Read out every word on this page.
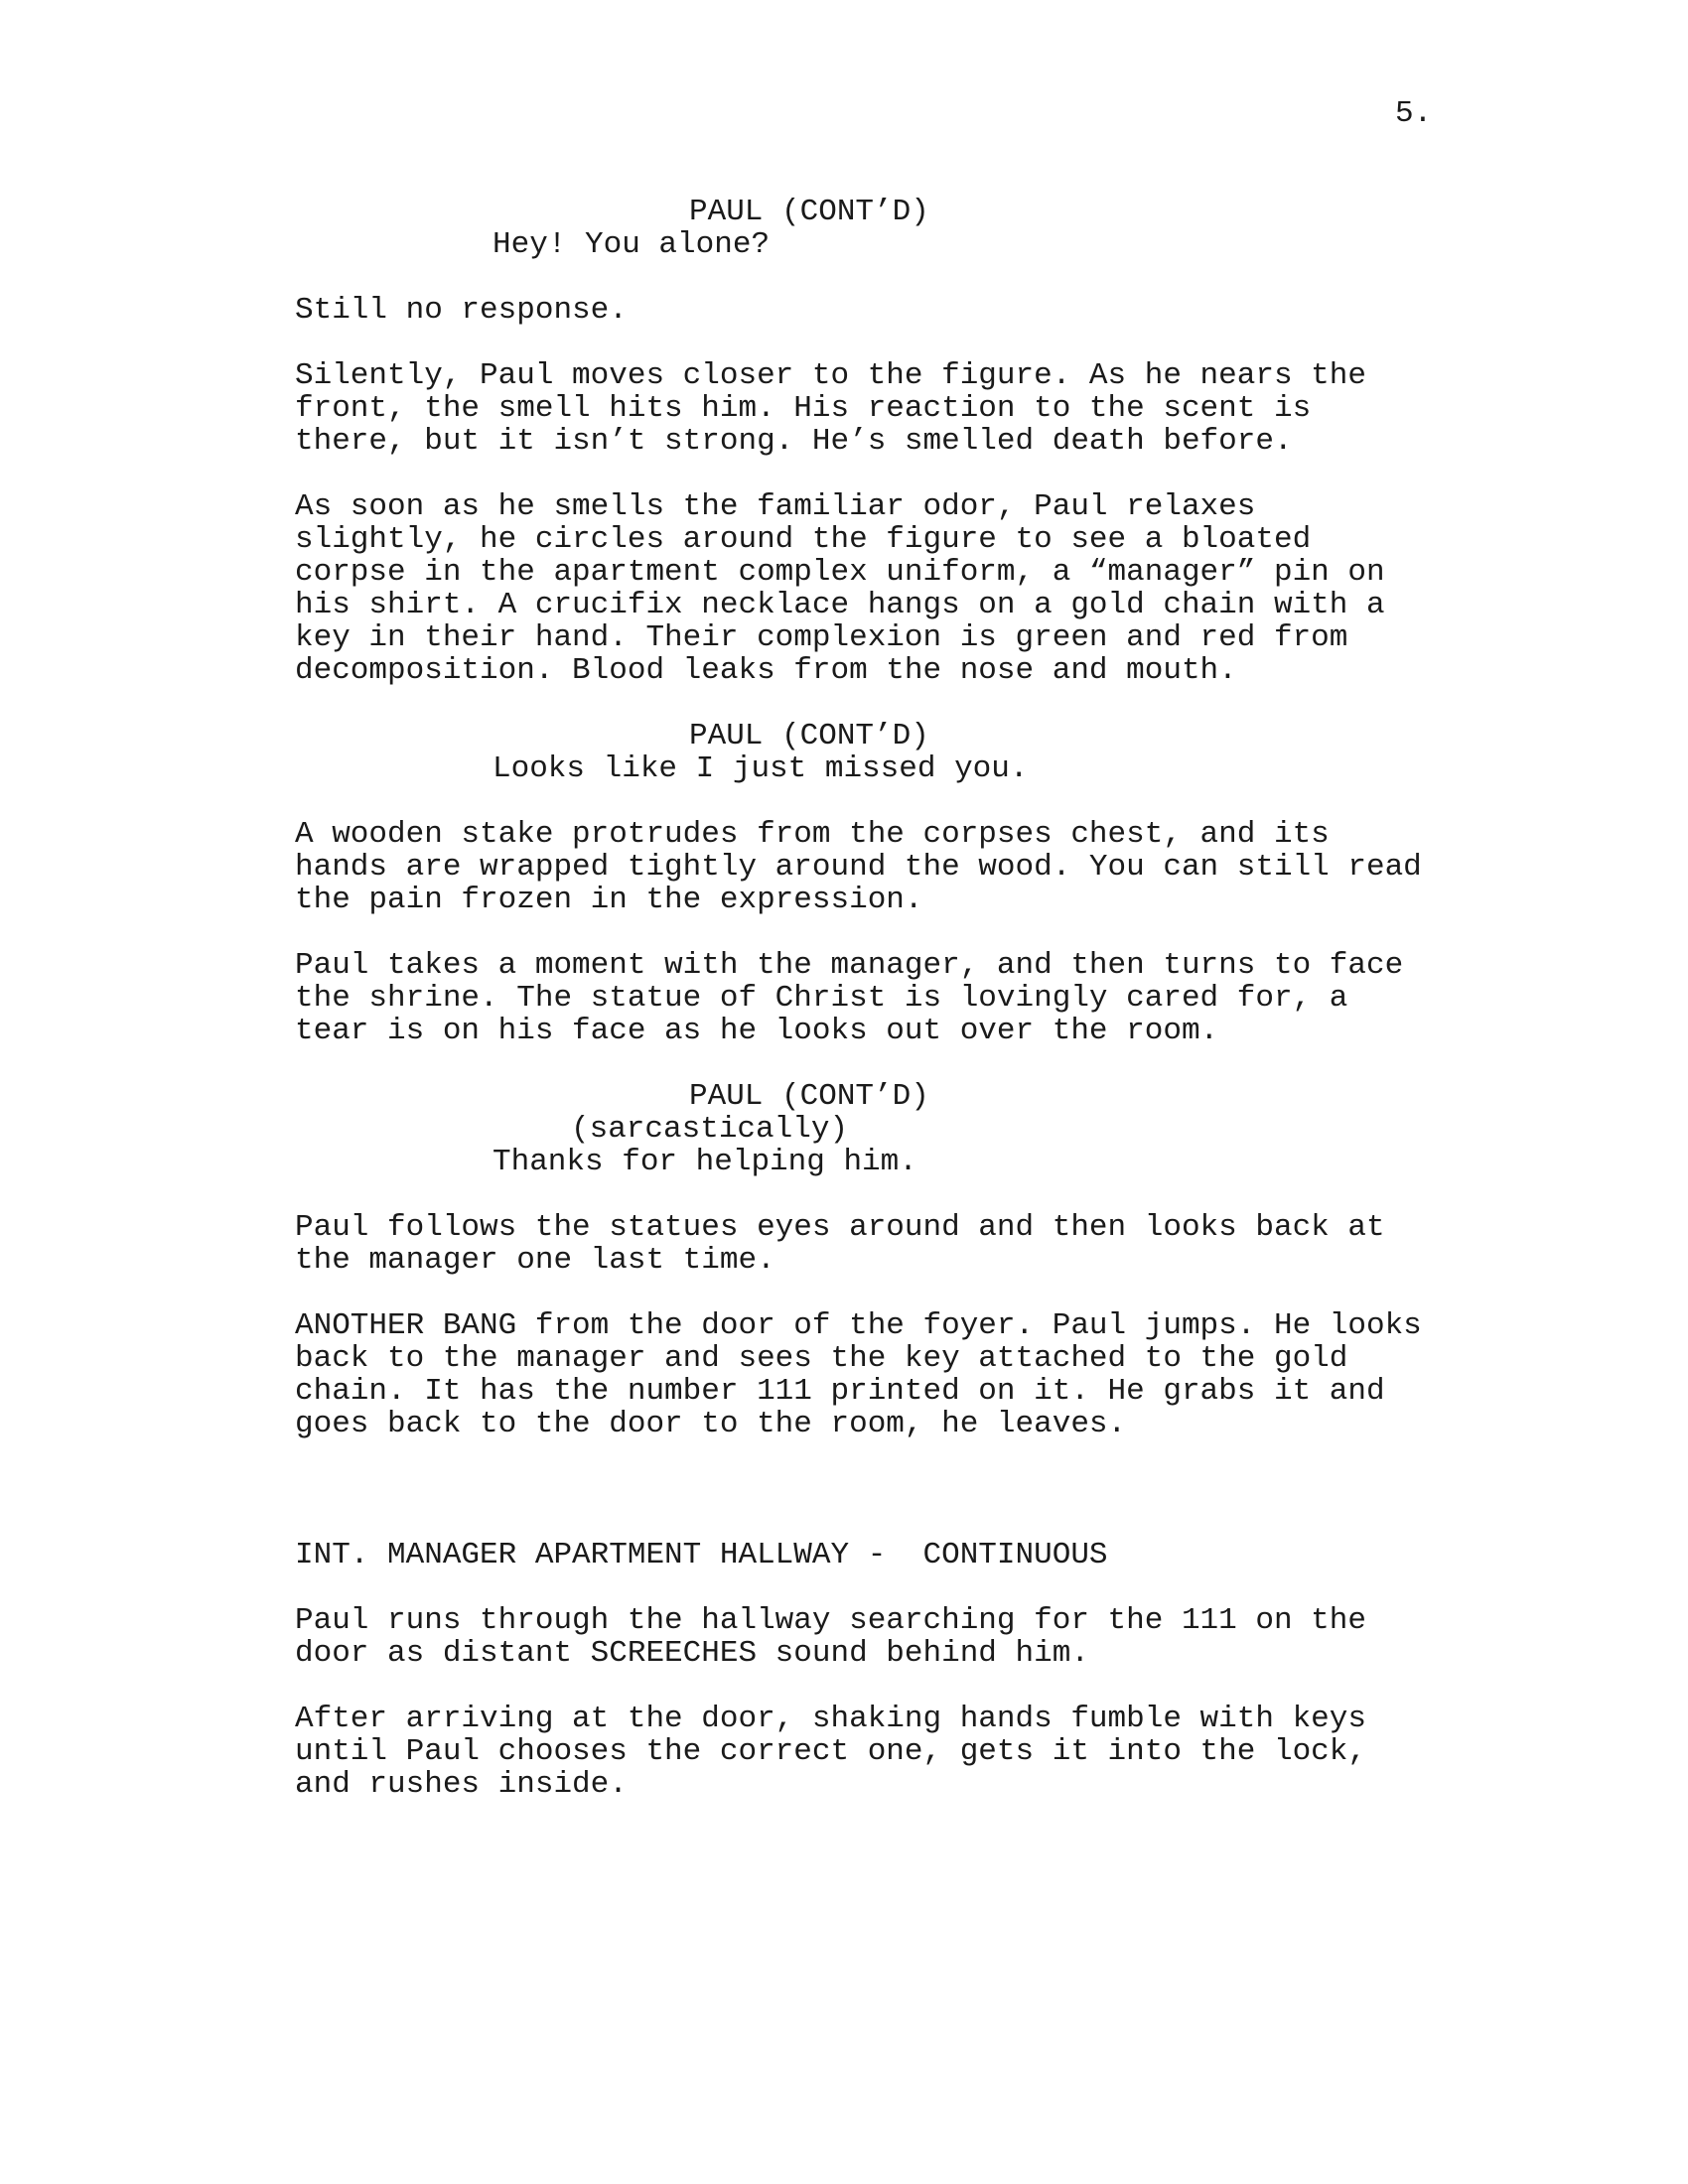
5.
PAUL (CONT’D)
Hey! You alone?
Still no response.
Silently, Paul moves closer to the figure. As he nears the
front, the smell hits him. His reaction to the scent is
there, but it isn’t strong. He’s smelled death before.
As soon as he smells the familiar odor, Paul relaxes
slightly, he circles around the figure to see a bloated
corpse in the apartment complex uniform, a “manager” pin on
his shirt. A crucifix necklace hangs on a gold chain with a
key in their hand. Their complexion is green and red from
decomposition. Blood leaks from the nose and mouth.
PAUL (CONT’D)
Looks like I just missed you.
A wooden stake protrudes from the corpses chest, and its
hands are wrapped tightly around the wood. You can still read
the pain frozen in the expression.
Paul takes a moment with the manager, and then turns to face
the shrine. The statue of Christ is lovingly cared for, a
tear is on his face as he looks out over the room.
PAUL (CONT’D)
(sarcastically)
Thanks for helping him.
Paul follows the statues eyes around and then looks back at
the manager one last time.
ANOTHER BANG from the door of the foyer. Paul jumps. He looks
back to the manager and sees the key attached to the gold
chain. It has the number 111 printed on it. He grabs it and
goes back to the door to the room, he leaves.
INT. MANAGER APARTMENT HALLWAY -  CONTINUOUS
Paul runs through the hallway searching for the 111 on the
door as distant SCREECHES sound behind him.
After arriving at the door, shaking hands fumble with keys
until Paul chooses the correct one, gets it into the lock,
and rushes inside.
